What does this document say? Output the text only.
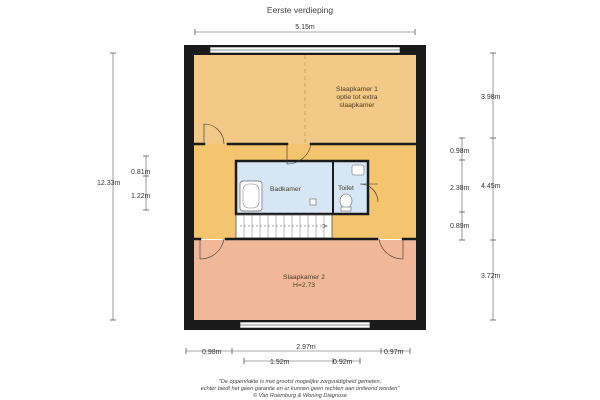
Eerste verdieping
5.15m
Badkamer	Toilet
Slaapkamer 1
optie tot extra
slaapkamer
Slaapkamer 2
H=2.73
12.33m
0.81m
1.22m
0.98m
2.38m
0.89m
3.98m
4.45m
3.72m
0.98m
2.97m
0.97m
1.92m	0.92m
"De oppervlakte is met grootst mogelijke zorgvuldigheid gemeten,
echter biedt het geen garantie en er kunnen geen rechten aan ontleend worden"
© Van Roemburg & Woning Diagnose
